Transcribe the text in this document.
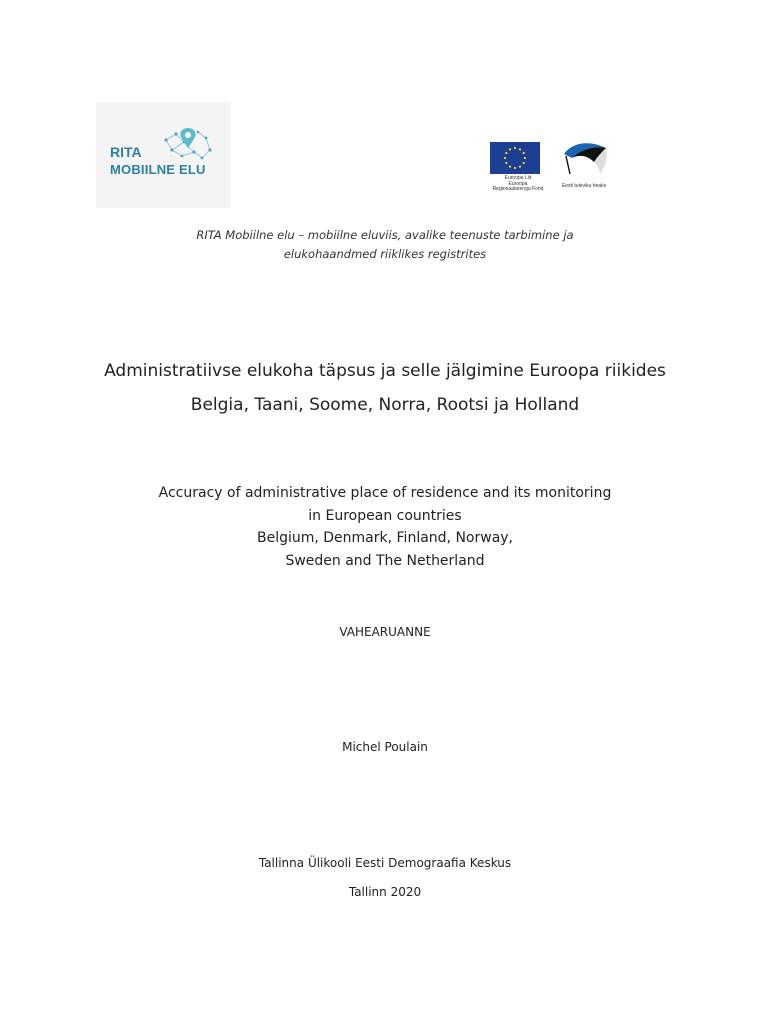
RITA
MOBIILNE ELU
Euroopa Liit
Euroopa
Regionaalarengu Fond	Eesti tuleviku heaks
RITA Mobiilne elu – mobiilne eluviis, avalike teenuste tarbimine ja
elukohaandmed riiklikes registrites
Administratiivse elukoha täpsus ja selle jälgimine Euroopa riikides
Belgia, Taani, Soome, Norra, Rootsi ja Holland
Accuracy of administrative place of residence and its monitoring
in European countries
Belgium, Denmark, Finland, Norway,
Sweden and The Netherland
VAHEARUANNE
Michel Poulain
Tallinna Ülikooli Eesti Demograafia Keskus
Tallinn 2020
